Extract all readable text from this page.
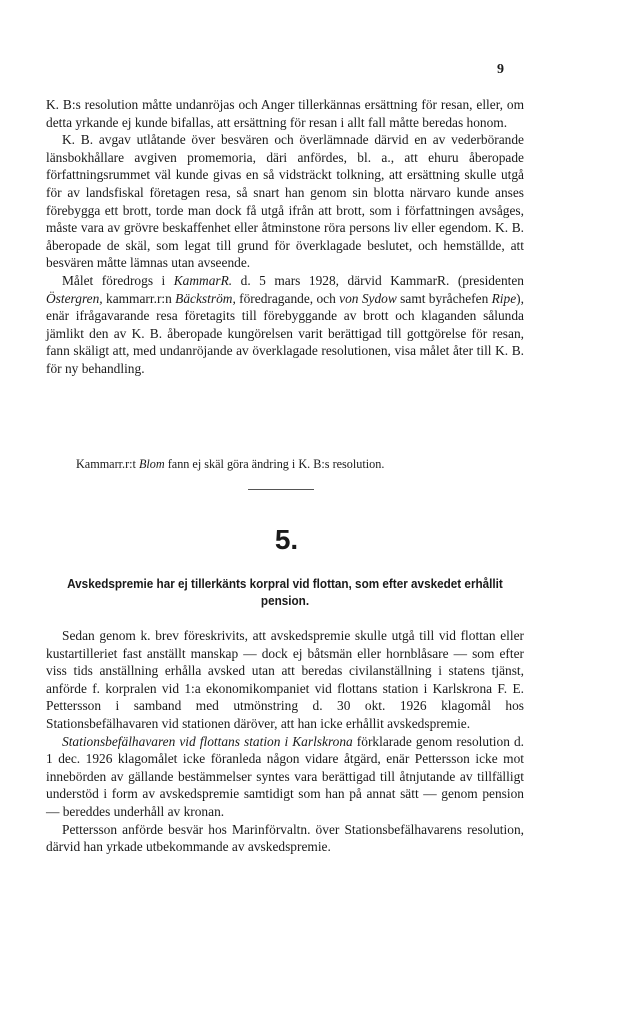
9

K. B:s resolution måtte undanröjas och Anger tillerkännas ersättning för resan, eller, om detta yrkande ej kunde bifallas, att ersättning för resan i allt fall måtte beredas honom.

K. B. avgav utlåtande över besvären och överlämnade därvid en av vederbörande länsbokhållare avgiven promemoria, däri anfördes, bl. a., att ehuru åberopade författningsrummet väl kunde givas en så vidsträckt tolkning, att ersättning skulle utgå för av landsfiskal företagen resa, så snart han genom sin blotta närvaro kunde anses förebygga ett brott, torde man dock få utgå ifrån att brott, som i författningen avsåges, måste vara av grövre beskaffenhet eller åtminstone röra persons liv eller egendom. K. B. åberopade de skäl, som legat till grund för överklagade beslutet, och hemställde, att besvären måtte lämnas utan avseende.

Målet föredrogs i KammarR. d. 5 mars 1928, därvid KammarR. (presidenten Östergren, kammarr.r:n Bäckström, föredragande, och von Sydow samt byråchefen Ripe), enär ifrågavarande resa företagits till förebyggande av brott och klaganden sålunda jämlikt den av K. B. åberopade kungörelsen varit berättigad till gottgörelse för resan, fann skäligt att, med undanröjande av överklagade resolutionen, visa målet åter till K. B. för ny behandling.

Kammarr.r:t Blom fann ej skäl göra ändring i K. B:s resolution.
5.
Avskedspremie har ej tillerkänts korpral vid flottan, som efter avskedet erhållit pension.

Sedan genom k. brev föreskrivits, att avskedspremie skulle utgå till vid flottan eller kustartilleriet fast anställt manskap — dock ej båtsmän eller hornblåsare — som efter viss tids anställning erhålla avsked utan att beredas civilanställning i statens tjänst, anförde f. korpralen vid 1:a ekonomikompaniet vid flottans station i Karlskrona F. E. Pettersson i samband med utmönstring d. 30 okt. 1926 klagomål hos Stationsbefälhavaren vid stationen däröver, att han icke erhållit avskedspremie.

Stationsbefälhavaren vid flottans station i Karlskrona förklarade genom resolution d. 1 dec. 1926 klagomålet icke föranleda någon vidare åtgärd, enär Pettersson icke mot innebörden av gällande bestämmelser syntes vara berättigad till åtnjutande av tillfälligt understöd i form av avskedspremie samtidigt som han på annat sätt — genom pension — bereddes underhåll av kronan.

Pettersson anförde besvär hos Marinförvaltn. över Stationsbefälhavarens resolution, därvid han yrkade utbekommande av avskedspremie.
